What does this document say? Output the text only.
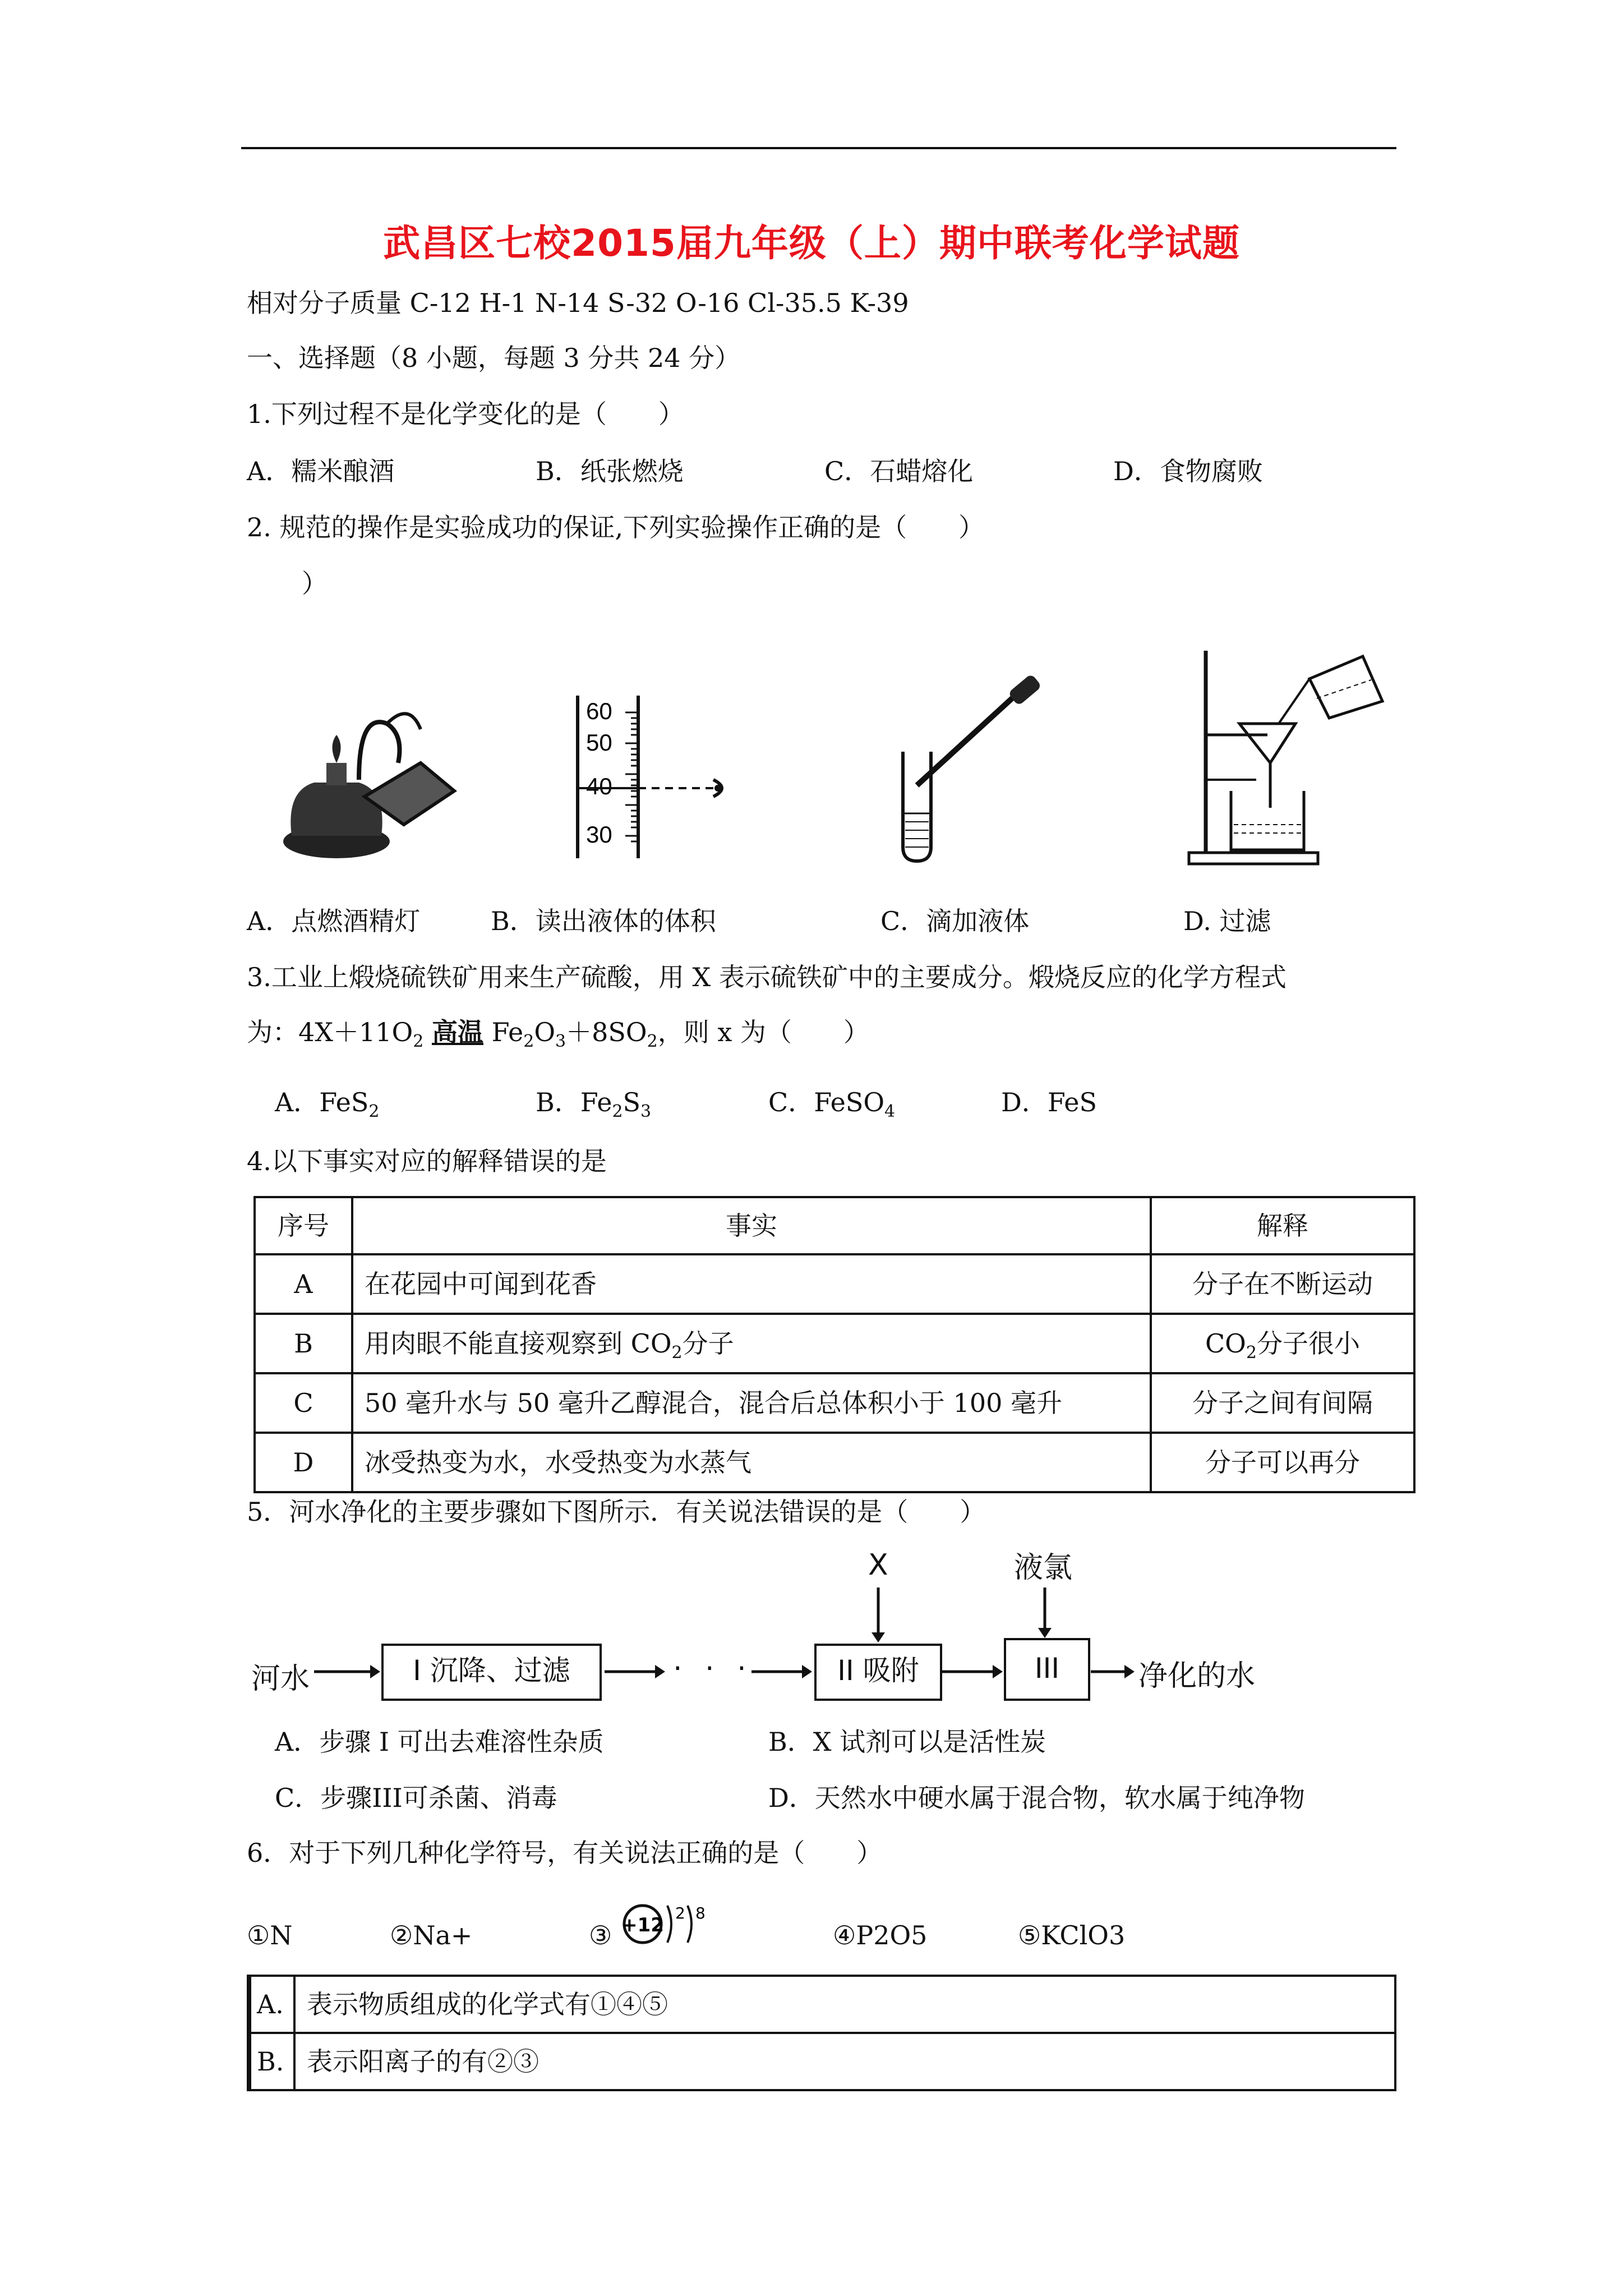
武昌区七校2015届九年级（上）期中联考化学试题
相对分子质量 C-12 H-1 N-14 S-32 O-16 Cl-35.5 K-39
一、选择题（8 小题，每题 3 分共 24 分）
1.下列过程不是化学变化的是（　　）
A．糯米酿酒	B．纸张燃烧	C．石蜡熔化	D．食物腐败
2. 规范的操作是实验成功的保证,下列实验操作正确的是（　　）
）
60
50
40
30
A．点燃酒精灯	B．读出液体的体积	C．滴加液体	D. 过滤
3.工业上煅烧硫铁矿用来生产硫酸，用 X 表示硫铁矿中的主要成分。煅烧反应的化学方程式
为：$4X+11O_2$ 高温 $Fe_2O_3+8SO_2$，则 x 为（　　）
A．FeS$_2$	B．$Fe_2S_3$	C．FeSO$_4$	D．FeS
4.以下事实对应的解释错误的是
序号	事实	解释
A	在花园中可闻到花香	分子在不断运动
B	用肉眼不能直接观察到 $CO_2$分子	$CO_2$分子很小
C	50 毫升水与 50 毫升乙醇混合，混合后总体积小于 100 毫升	分子之间有间隔
D	冰受热变为水，水受热变为水蒸气	分子可以再分
5．河水净化的主要步骤如下图所示．有关说法错误的是（　　）
河水	I 沉降、过滤	· · ·	II 吸附	III	净化的水
X	液氯
A．步骤 I 可出去难溶性杂质	B．X 试剂可以是活性炭
C．步骤III可杀菌、消毒	D．天然水中硬水属于混合物，软水属于纯净物
6．对于下列几种化学符号，有关说法正确的是（　　）
①N	②Na+	③ +12
2 8
④P2O5	⑤KClO3
A.	表示物质组成的化学式有①④⑤
B.	表示阳离子的有②③
